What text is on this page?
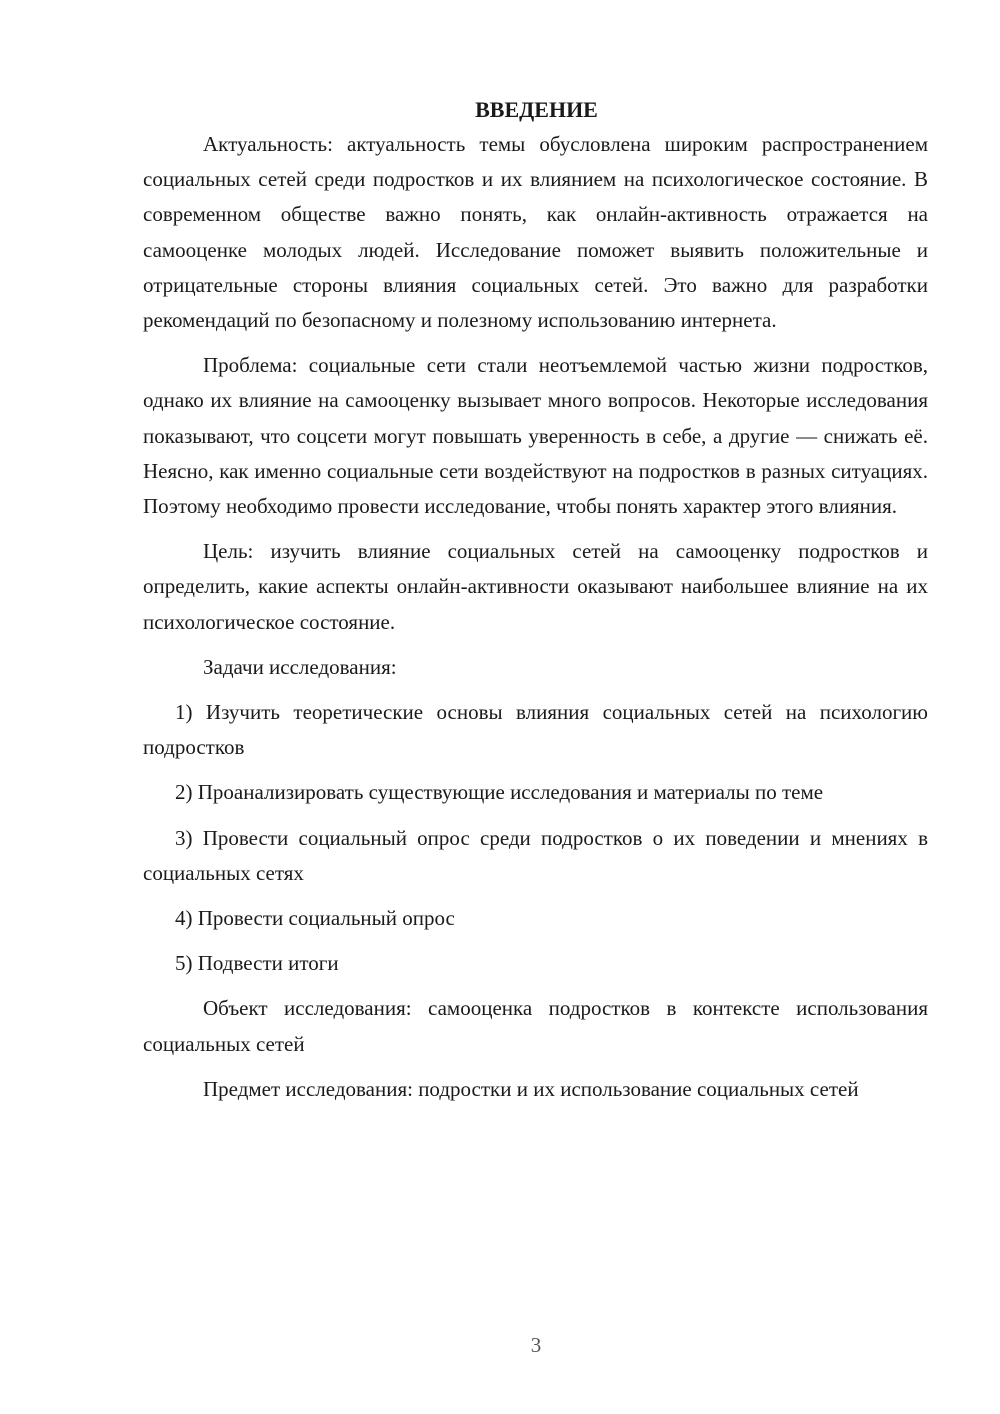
ВВЕДЕНИЕ

Актуальность: актуальность темы обусловлена широким распространением социальных сетей среди подростков и их влиянием на психологическое состояние. В современном обществе важно понять, как онлайн-активность отражается на самооценке молодых людей. Исследование поможет выявить положительные и отрицательные стороны влияния социальных сетей. Это важно для разработки рекомендаций по безопасному и полезному использованию интернета.

Проблема: социальные сети стали неотъемлемой частью жизни подростков, однако их влияние на самооценку вызывает много вопросов. Некоторые исследования показывают, что соцсети могут повышать уверенность в себе, а другие — снижать её. Неясно, как именно социальные сети воздействуют на подростков в разных ситуациях. Поэтому необходимо провести исследование, чтобы понять характер этого влияния.

Цель: изучить влияние социальных сетей на самооценку подростков и определить, какие аспекты онлайн-активности оказывают наибольшее влияние на их психологическое состояние.

Задачи исследования:

1) Изучить теоретические основы влияния социальных сетей на психологию подростков

2) Проанализировать существующие исследования и материалы по теме

3) Провести социальный опрос среди подростков о их поведении и мнениях в социальных сетях

4) Провести социальный опрос

5) Подвести итоги

Объект исследования: самооценка подростков в контексте использования социальных сетей

Предмет исследования: подростки и их использование социальных сетей

3
